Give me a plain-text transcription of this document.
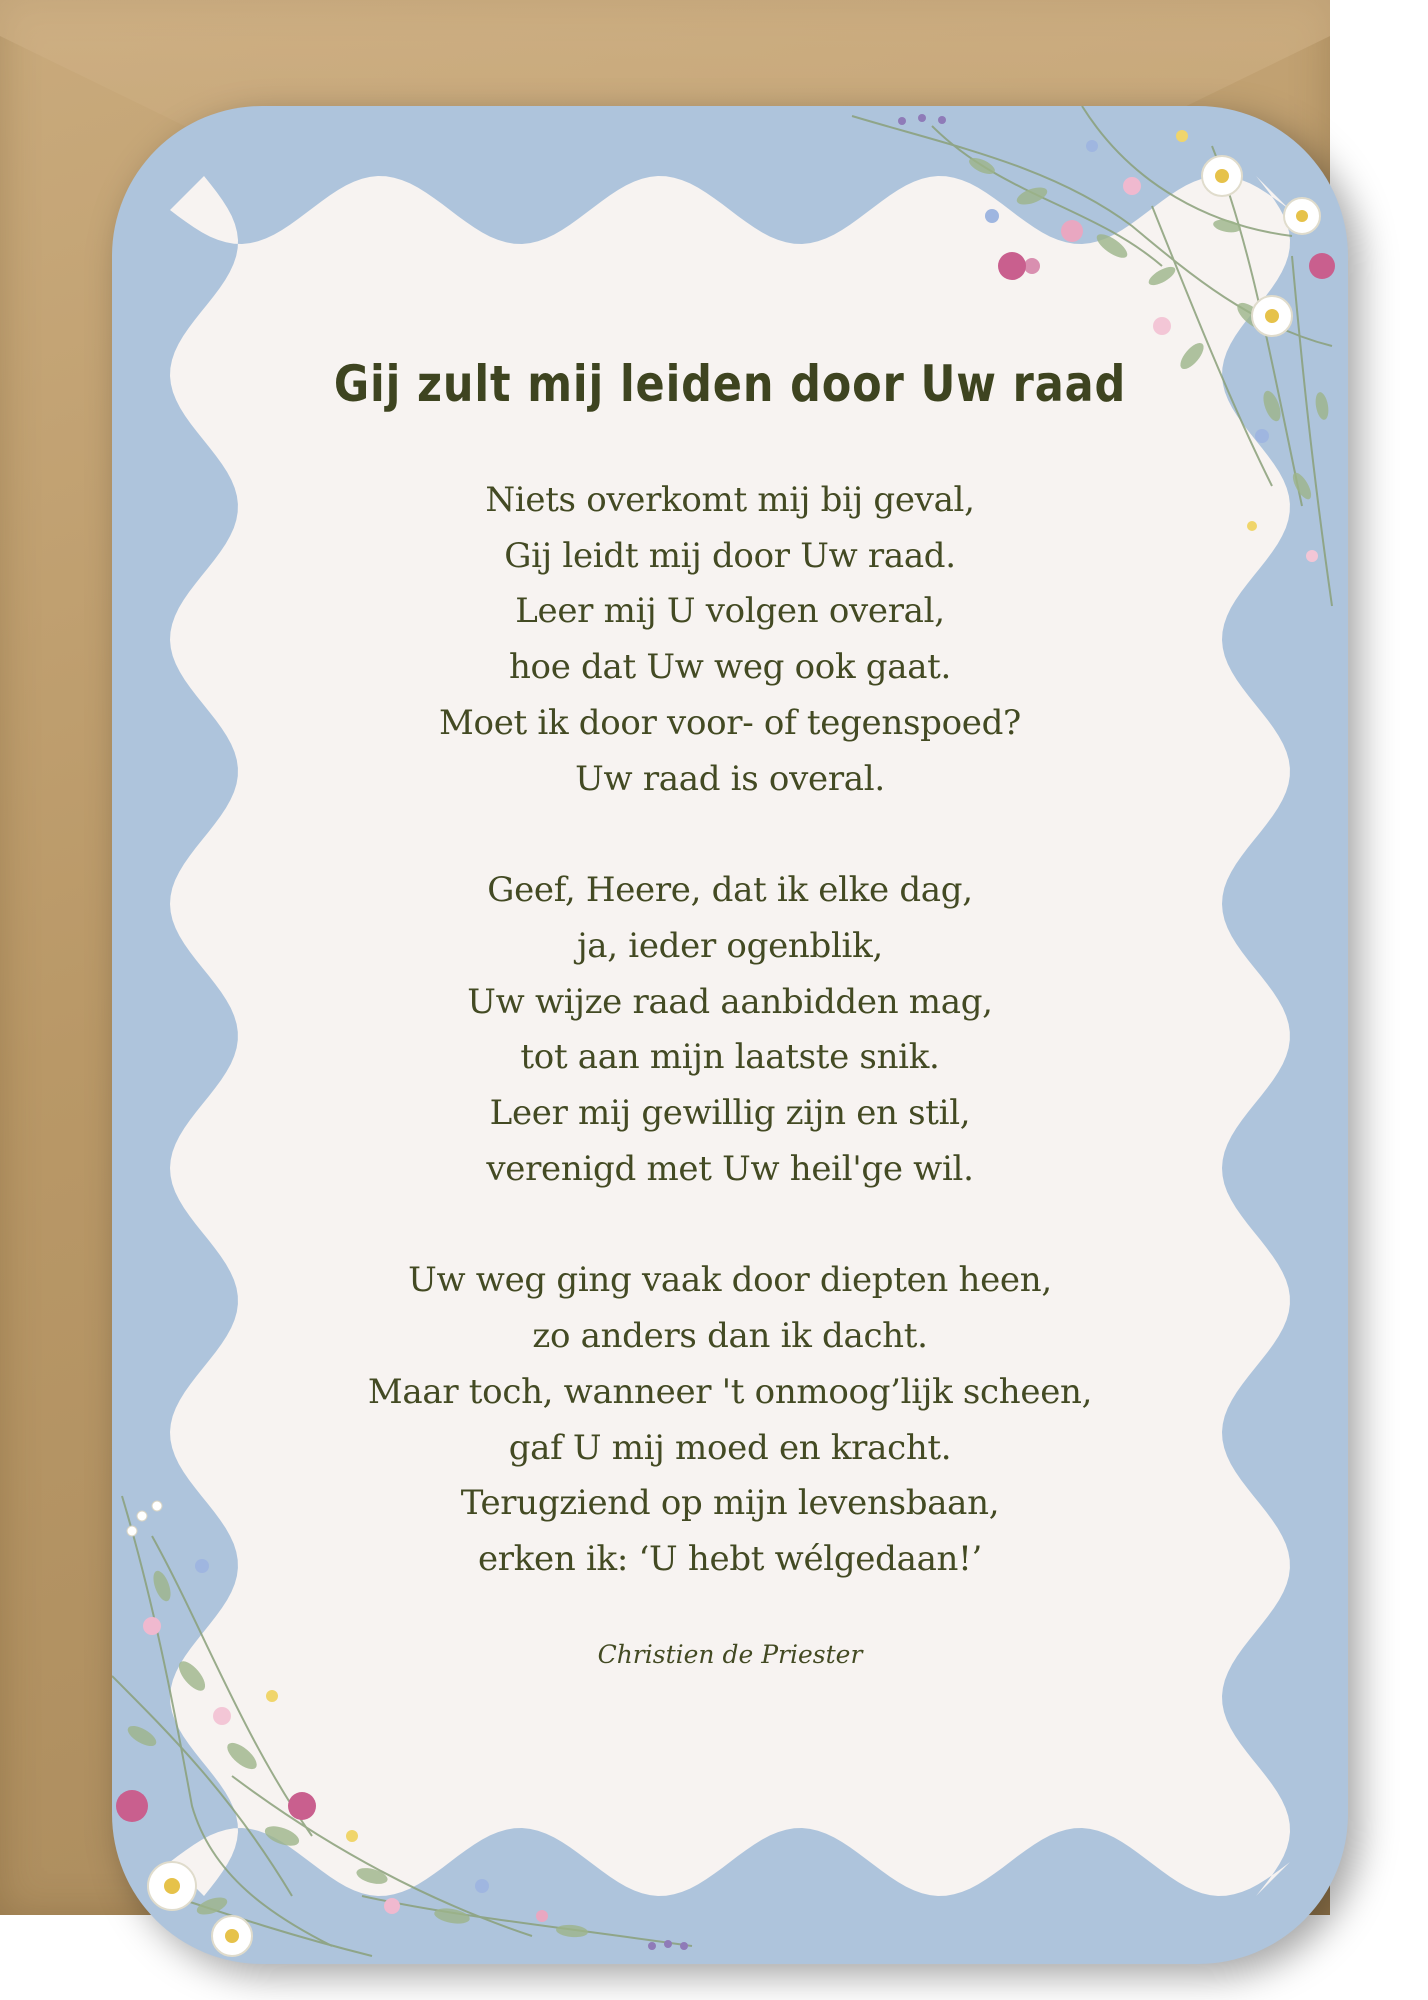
Gij zult mij leiden door Uw raad
Niets overkomt mij bij geval,
Gij leidt mij door Uw raad.
Leer mij U volgen overal,
hoe dat Uw weg ook gaat.
Moet ik door voor- of tegenspoed?
Uw raad is overal.
Geef, Heere, dat ik elke dag,
ja, ieder ogenblik,
Uw wijze raad aanbidden mag,
tot aan mijn laatste snik.
Leer mij gewillig zijn en stil,
verenigd met Uw heil'ge wil.
Uw weg ging vaak door diepten heen,
zo anders dan ik dacht.
Maar toch, wanneer 't onmoog’lijk scheen,
gaf U mij moed en kracht.
Terugziend op mijn levensbaan,
erken ik: ‘U hebt wélgedaan!’
Christien de Priester
